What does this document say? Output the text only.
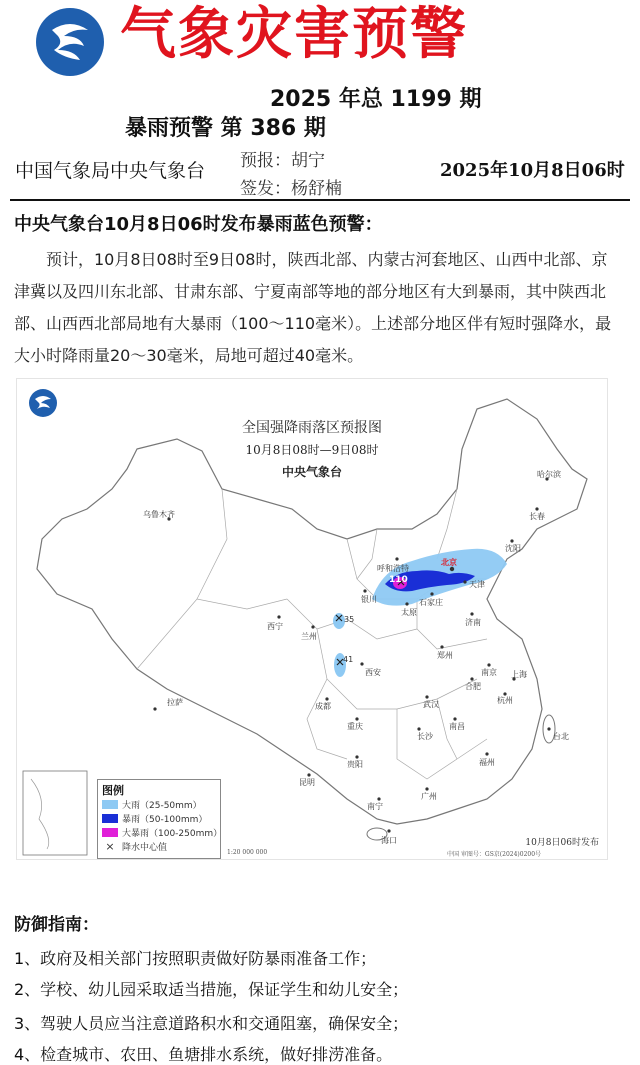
气象灾害预警
2025 年总 1199 期
暴雨预警 第 386 期
中国气象局中央气象台 预报：胡宁
签发：杨舒楠
2025年10月8日06时
中央气象台10月8日06时发布暴雨蓝色预警：
预计，10月8日08时至9日08时，陕西北部、内蒙古河套地区、山西中北部、京津冀以及四川东北部、甘肃东部、宁夏南部等地的部分地区有大到暴雨，其中陕西北部、山西西北部局地有大暴雨（100～110毫米）。上述部分地区伴有短时强降水，最大小时降雨量20～30毫米，局地可超过40毫米。
乌鲁木齐
拉萨
西宁
兰州
银川
呼和浩特
北京
天津
石家庄
太原
济南
郑州
西安
成都
重庆
贵阳
昆明
武汉
长沙
南昌
合肥
南京 上海
杭州
福州
广州
南宁
海口
沈阳
长春
哈尔滨
台北
110
35
41
全国强降雨落区预报图
10月8日08时—9日08时
中央气象台
图例
大雨（25-50mm）
暴雨（50-100mm）
大暴雨（100-250mm）
× 降水中心值	10月8日06时发布
1:20 000 000	中国 审图号：GS京(2024)0200号
防御指南：
1、政府及相关部门按照职责做好防暴雨准备工作；
2、学校、幼儿园采取适当措施，保证学生和幼儿安全；
3、驾驶人员应当注意道路积水和交通阻塞，确保安全；
4、检查城市、农田、鱼塘排水系统，做好排涝准备。
